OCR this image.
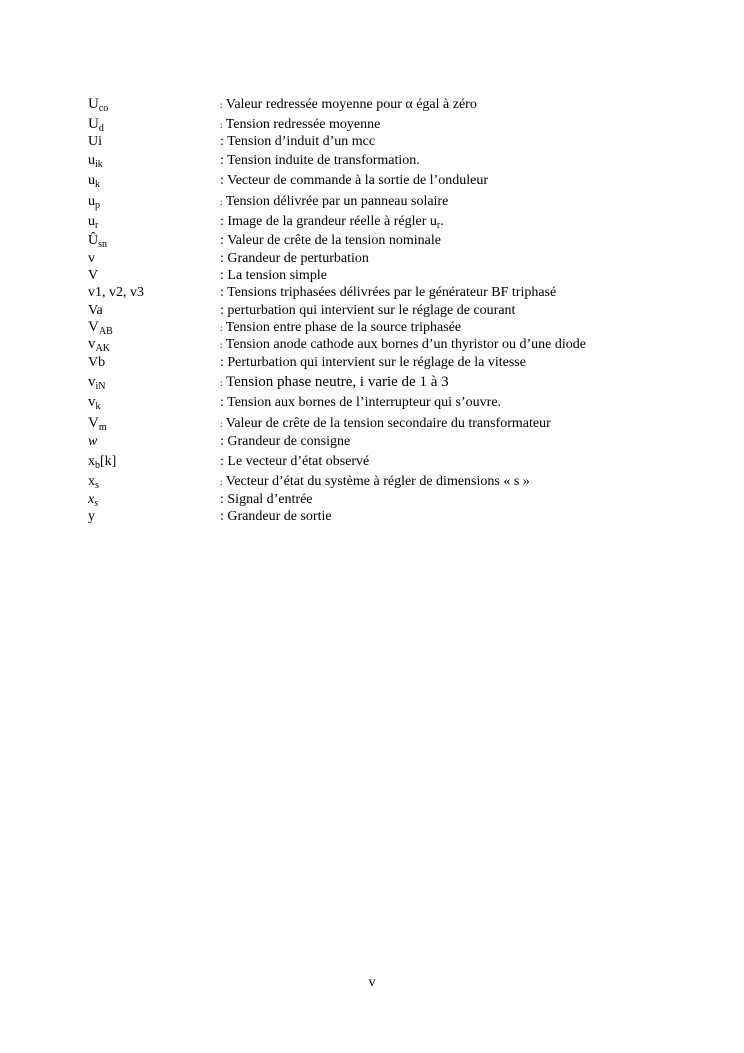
$U_{co}$	: Valeur redressée moyenne pour α égal à zéro
$U_d$	: Tension redressée moyenne
Ui	: Tension d’induit d’un mcc
$u_{ik}$	: Tension induite de transformation.
$u_k$	: Vecteur de commande à la sortie de l’onduleur
$u_p$	: Tension délivrée par un panneau solaire
$u_r$	: Image de la grandeur réelle à régler $u_r$.
$Û_{sn}$	: Valeur de crête de la tension nominale
v	: Grandeur de perturbation
V	: La tension simple
v1, v2, v3	: Tensions triphasées délivrées par le générateur BF triphasé
Va	: perturbation qui intervient sur le réglage de courant
$V_{AB}$	: Tension entre phase de la source triphasée
$v_{AK}$	: Tension anode cathode aux bornes d’un thyristor ou d’une diode
Vb	: Perturbation qui intervient sur le réglage de la vitesse
$v_{iN}$	: Tension phase neutre, i varie de 1 à 3
$v_k$	: Tension aux bornes de l’interrupteur qui s’ouvre.
$V_m$	: Valeur de crête de la tension secondaire du transformateur
w	: Grandeur de consigne
$x_b[k]$	: Le vecteur d’état observé
$x_s$	: Vecteur d’état du système à régler de dimensions « s »
$x_s$	: Signal d’entrée
y	: Grandeur de sortie
v
